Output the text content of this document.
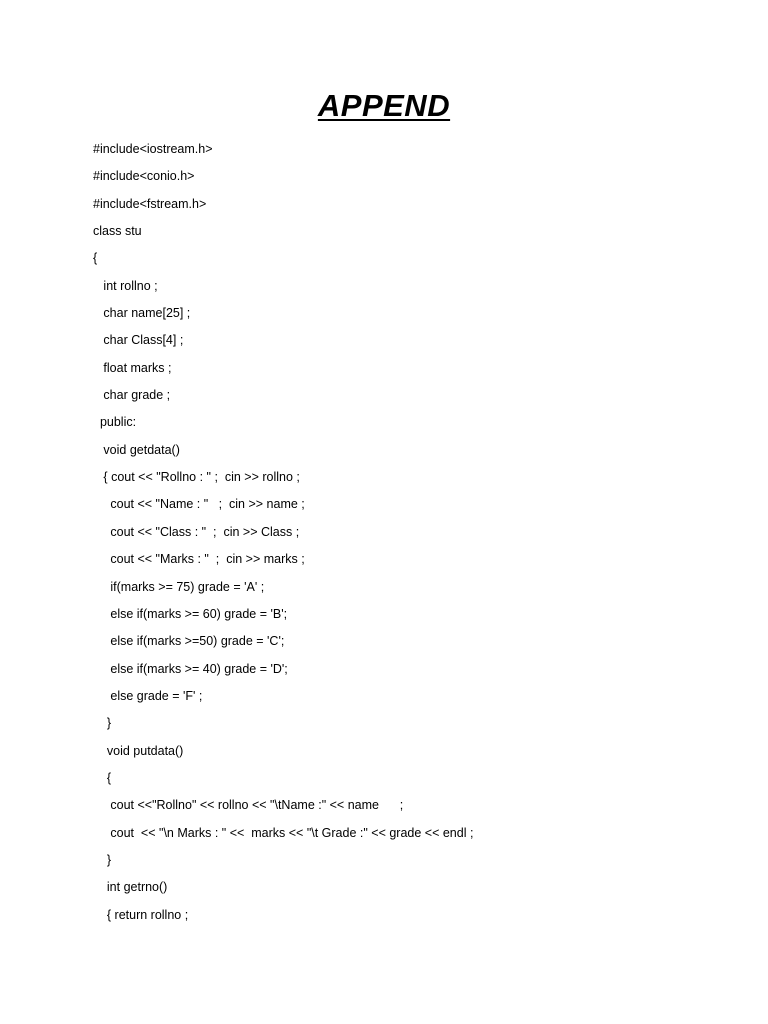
APPEND
#include<iostream.h>
#include<conio.h>
#include<fstream.h>
class stu
{
int rollno ;
char name[25] ;
char Class[4] ;
float marks ;
char grade ;
public:
void getdata()
{ cout << "Rollno : " ;  cin >> rollno ;
cout << "Name : "   ;  cin >> name ;
cout << "Class : "  ;  cin >> Class ;
cout << "Marks : "  ;  cin >> marks ;
if(marks >= 75) grade = 'A' ;
else if(marks >= 60) grade = 'B';
else if(marks >=50) grade = 'C';
else if(marks >= 40) grade = 'D';
else grade = 'F' ;
}
void putdata()
{
cout <<"Rollno" << rollno << "\tName :" << name      ;
cout  << "\n Marks : " <<  marks << "\t Grade :" << grade << endl ;
}
int getrno()
{ return rollno ;
